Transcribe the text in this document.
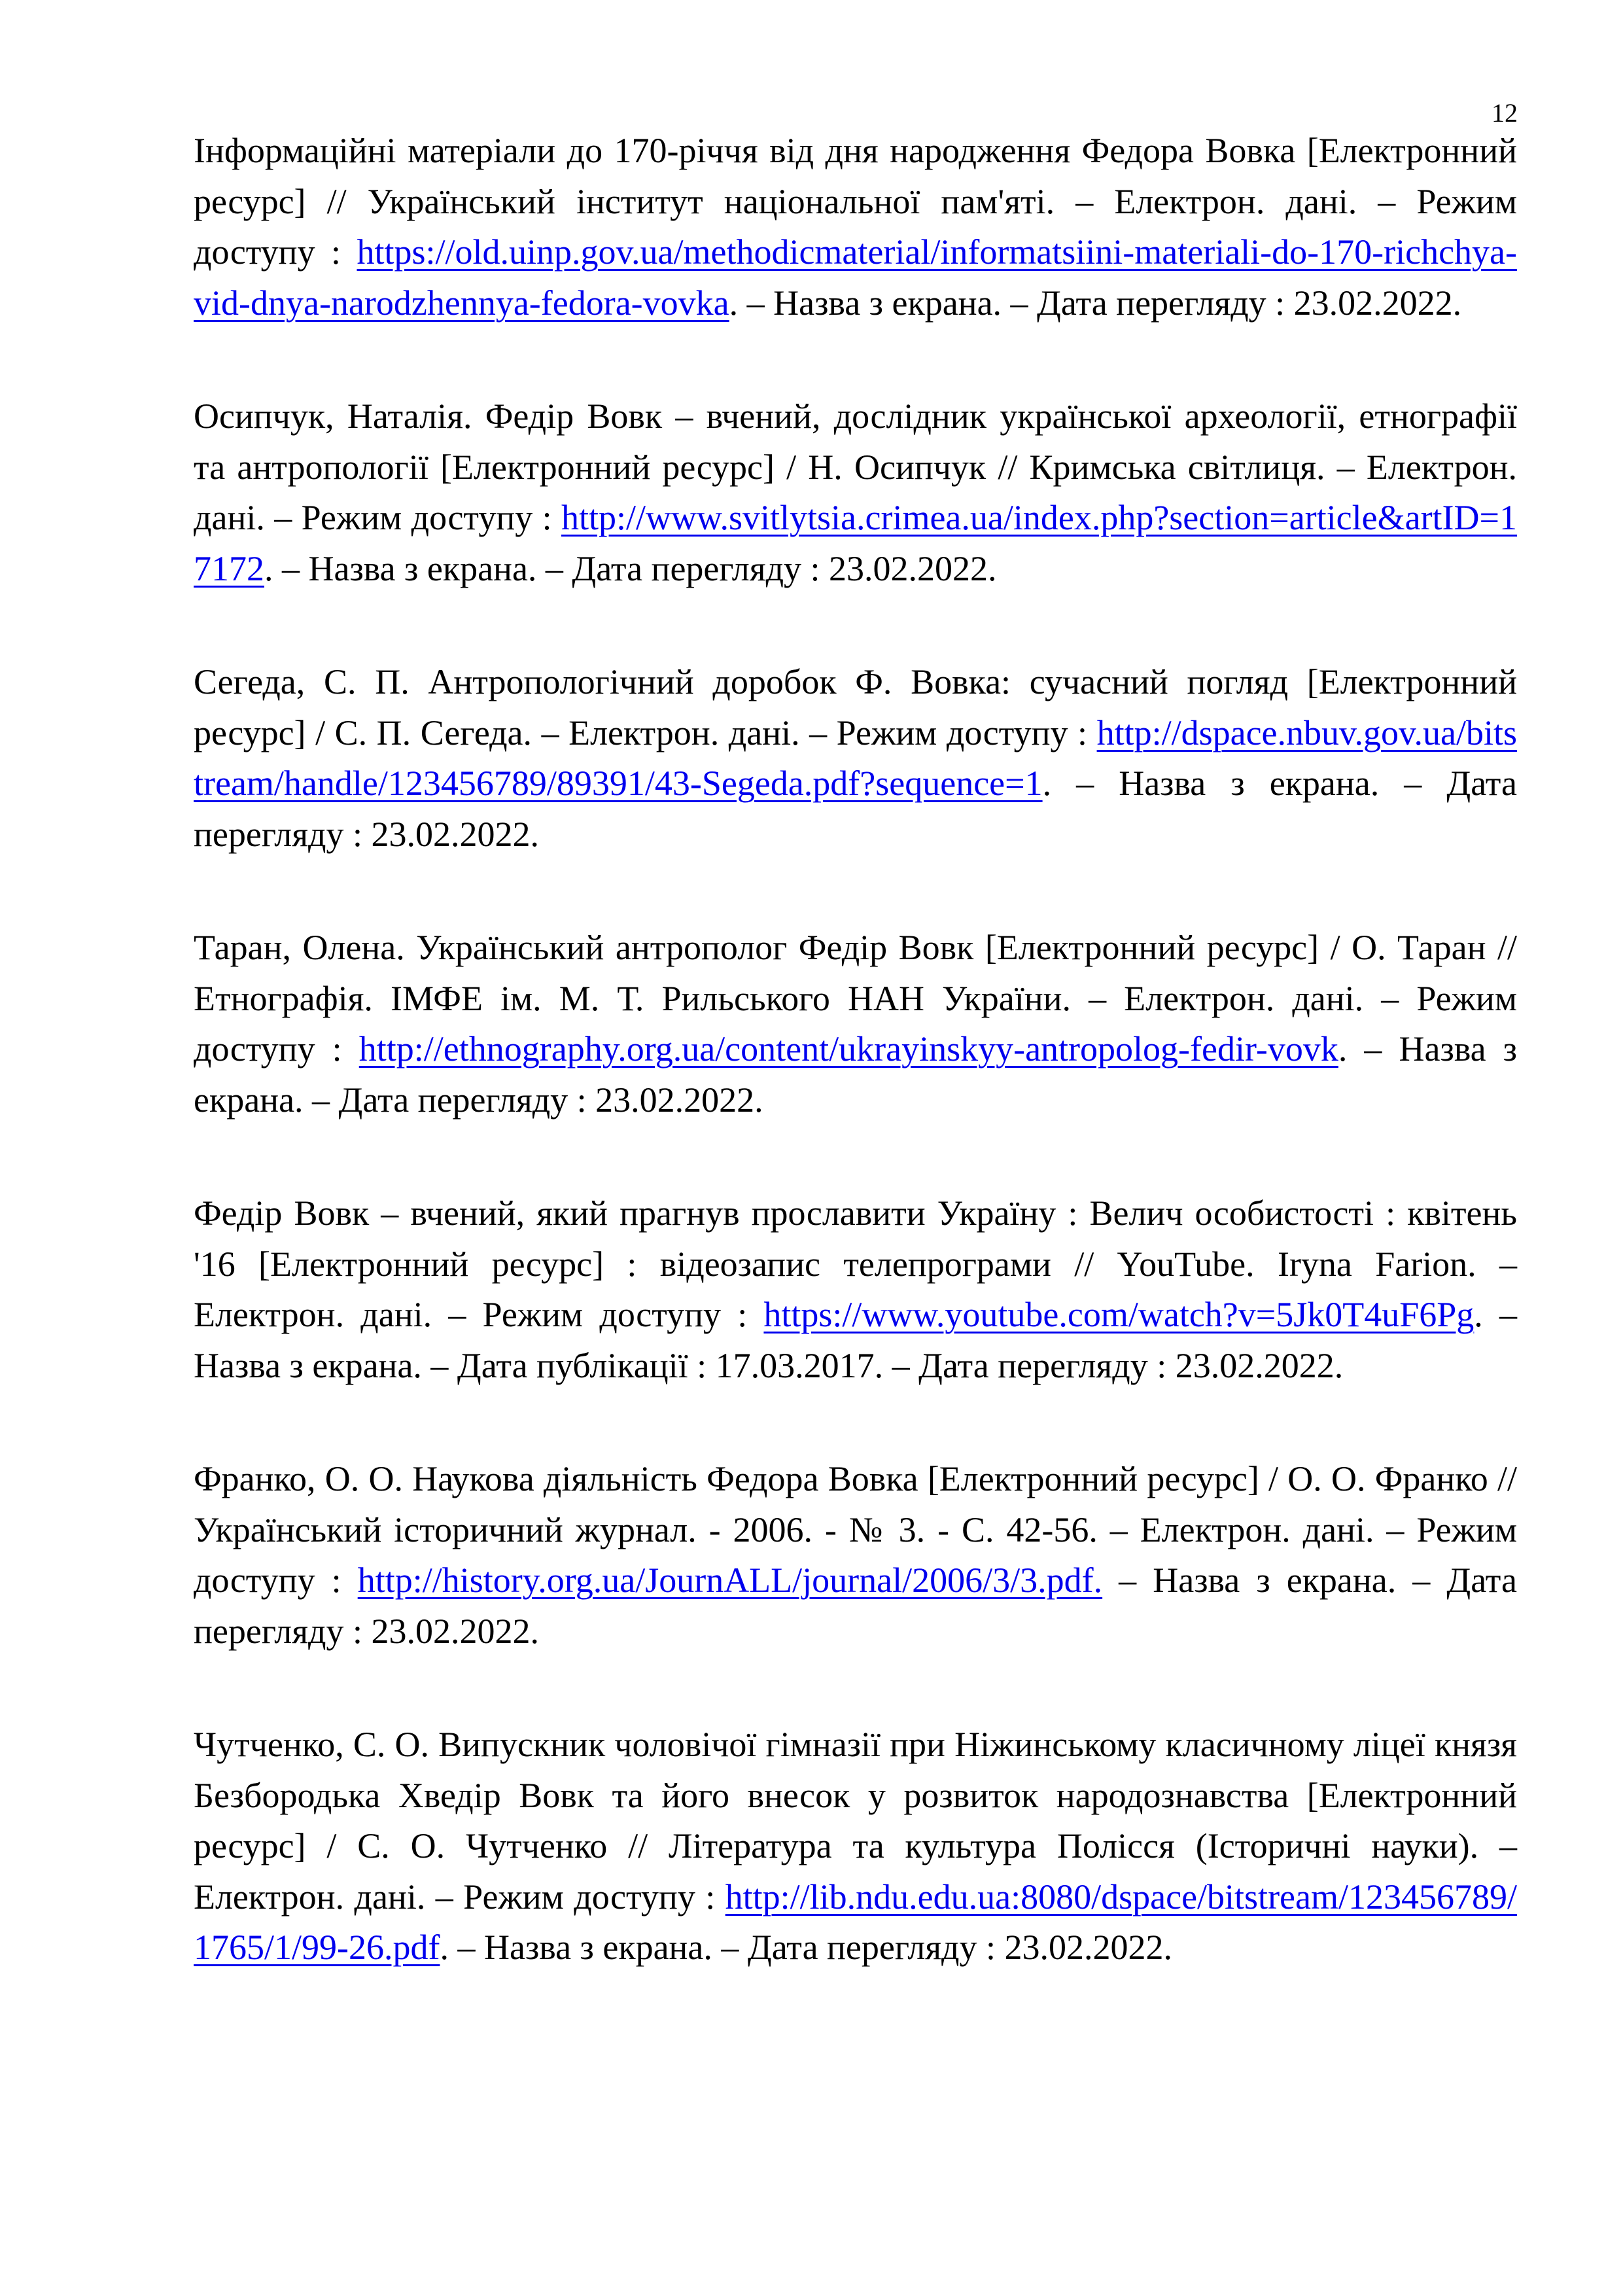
12

Інформаційні матеріали до 170-річчя від дня народження Федора Вовка [Електронний ресурс] // Український інститут національної пам'яті. – Електрон. дані. – Режим доступу : https://old.uinp.gov.ua/methodicmaterial/informatsiini-materiali-do-170-richchya-vid-dnya-narodzhennya-fedora-vovka. – Назва з екрана. – Дата перегляду : 23.02.2022.

Осипчук, Наталія. Федір Вовк – вчений, дослідник української археології, етнографії та антропології [Електронний ресурс] / Н. Осипчук // Кримська світлиця. – Електрон. дані. – Режим доступу : http://www.svitlytsia.crimea.ua/index.php?section=article&artID=17172. – Назва з екрана. – Дата перегляду : 23.02.2022.

Сегеда, С. П. Антропологічний доробок Ф. Вовка: сучасний погляд [Електронний ресурс] / С. П. Сегеда. – Електрон. дані. – Режим доступу : http://dspace.nbuv.gov.ua/bitstream/handle/123456789/89391/43-Segeda.pdf?sequence=1. – Назва з екрана. – Дата перегляду : 23.02.2022.

Таран, Олена. Український антрополог Федір Вовк [Електронний ресурс] / О. Таран // Етнографія. ІМФЕ ім. М. Т. Рильського НАН України. – Електрон. дані. – Режим доступу : http://ethnography.org.ua/content/ukrayinskyy-antropolog-fedir-vovk. – Назва з екрана. – Дата перегляду : 23.02.2022.

Федір Вовк – вчений, який прагнув прославити Україну : Велич особистості : квітень '16 [Електронний ресурс] : відеозапис телепрограми // YouTube. Iryna Farion. – Електрон. дані. – Режим доступу : https://www.youtube.com/watch?v=5Jk0T4uF6Pg. – Назва з екрана. – Дата публікації : 17.03.2017. – Дата перегляду : 23.02.2022.

Франко, О. О. Наукова діяльність Федора Вовка [Електронний ресурс] / О. О. Франко // Український історичний журнал. - 2006. - № 3. - С. 42-56. – Електрон. дані. – Режим доступу : http://history.org.ua/JournALL/journal/2006/3/3.pdf. – Назва з екрана. – Дата перегляду : 23.02.2022.

Чутченко, С. О. Випускник чоловічої гімназії при Ніжинському класичному ліцеї князя Безбородька Хведір Вовк та його внесок у розвиток народознавства [Електронний ресурс] / С. О. Чутченко // Література та культура Полісся (Історичні науки). – Електрон. дані. – Режим доступу : http://lib.ndu.edu.ua:8080/dspace/bitstream/123456789/1765/1/99-26.pdf. – Назва з екрана. – Дата перегляду : 23.02.2022.
